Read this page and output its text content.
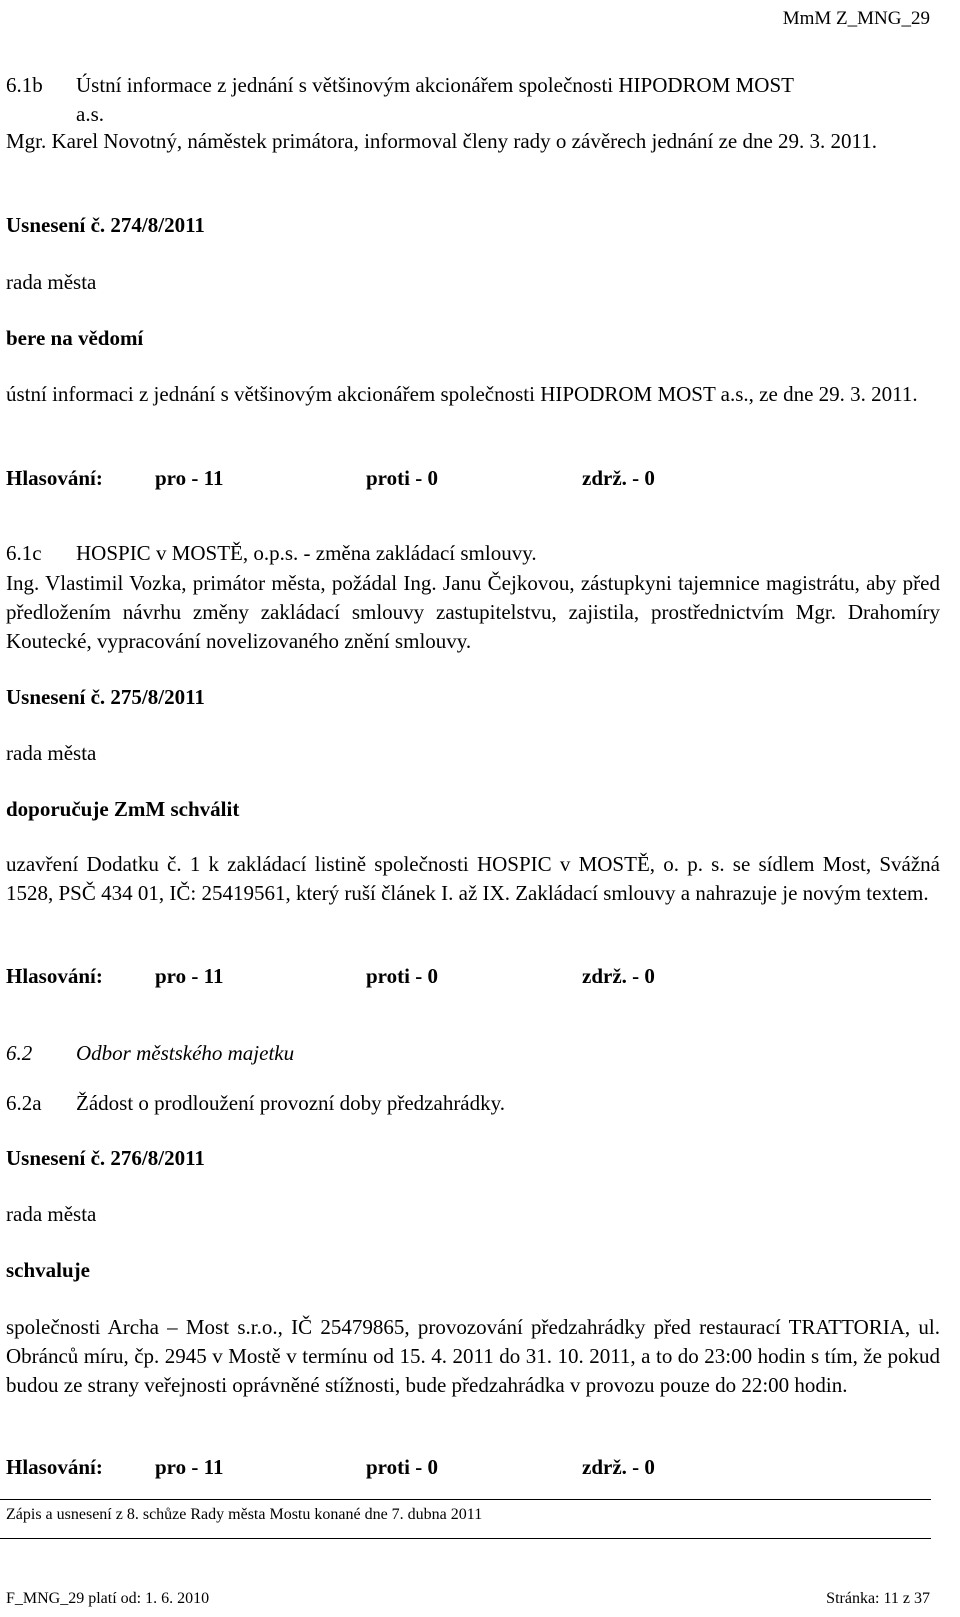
MmM Z_MNG_29
6.1b Ústní informace z jednání s většinovým akcionářem společnosti HIPODROM MOST
a.s.
Mgr. Karel Novotný, náměstek primátora, informoval členy rady o závěrech jednání ze dne 29. 3. 2011.
Usnesení č. 274/8/2011
rada města
bere na vědomí
ústní informaci z jednání s většinovým akcionářem společnosti HIPODROM MOST a.s., ze dne 29. 3. 2011.
Hlasování: pro - 11	proti - 0	zdrž. - 0
6.1c HOSPIC v MOSTĚ, o.p.s. - změna zakládací smlouvy.
Ing. Vlastimil Vozka, primátor města, požádal Ing. Janu Čejkovou, zástupkyni tajemnice magistrátu, aby před předložením návrhu změny zakládací smlouvy zastupitelstvu, zajistila, prostřednictvím Mgr. Drahomíry Koutecké, vypracování novelizovaného znění smlouvy.
Usnesení č. 275/8/2011
rada města
doporučuje ZmM schválit
uzavření Dodatku č. 1 k zakládací listině společnosti HOSPIC v MOSTĚ, o. p. s. se sídlem Most, Svážná 1528, PSČ 434 01, IČ: 25419561, který ruší článek I. až IX. Zakládací smlouvy a nahrazuje je novým textem.
Hlasování: pro - 11	proti - 0	zdrž. - 0
6.2 Odbor městského majetku
6.2a Žádost o prodloužení provozní doby předzahrádky.
Usnesení č. 276/8/2011
rada města
schvaluje
společnosti Archa – Most s.r.o., IČ 25479865, provozování předzahrádky před restaurací TRATTORIA, ul. Obránců míru, čp. 2945 v Mostě v termínu od 15. 4. 2011 do 31. 10. 2011, a to do 23:00 hodin s tím, že pokud budou ze strany veřejnosti oprávněné stížnosti, bude předzahrádka v provozu pouze do 22:00 hodin.
Hlasování: pro - 11	proti - 0	zdrž. - 0
Zápis a usnesení z 8. schůze Rady města Mostu konané dne 7. dubna 2011
F_MNG_29 platí od: 1. 6. 2010	Stránka: 11 z 37
